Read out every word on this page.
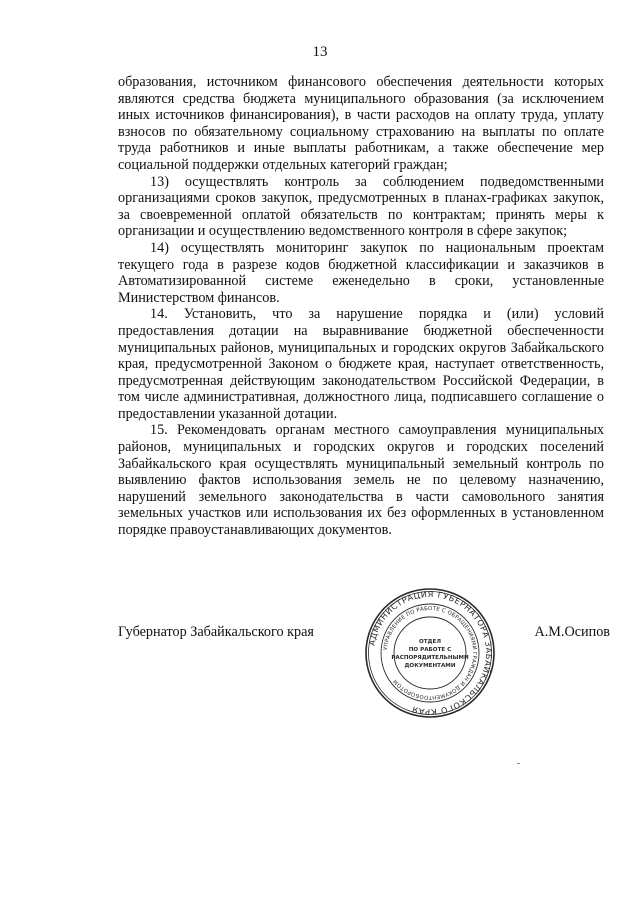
13

образования, источником финансового обеспечения деятельности которых являются средства бюджета муниципального образования (за исключением иных источников финансирования), в части расходов на оплату труда, уплату взносов по обязательному социальному страхованию на выплаты по оплате труда работников и иные выплаты работникам, а также обеспечение мер социальной поддержки отдельных категорий граждан;

13) осуществлять контроль за соблюдением подведомственными организациями сроков закупок, предусмотренных в планах-графиках закупок, за своевременной оплатой обязательств по контрактам; принять меры к организации и осуществлению ведомственного контроля в сфере закупок;

14) осуществлять мониторинг закупок по национальным проектам текущего года в разрезе кодов бюджетной классификации и заказчиков в Автоматизированной системе еженедельно в сроки, установленные Министерством финансов.

14. Установить, что за нарушение порядка и (или) условий предоставления дотации на выравнивание бюджетной обеспеченности муниципальных районов, муниципальных и городских округов Забайкальского края, предусмотренной Законом о бюджете края, наступает ответственность, предусмотренная действующим законодательством Российской Федерации, в том числе административная, должностного лица, подписавшего соглашение о предоставлении указанной дотации.

15. Рекомендовать органам местного самоуправления муниципальных районов, муниципальных и городских округов и городских поселений Забайкальского края осуществлять муниципальный земельный контроль по выявлению фактов использования земель не по целевому назначению, нарушений земельного законодательства в части самовольного занятия земельных участков или использования их без оформленных в установленном порядке правоустанавливающих документов.

Губернатор Забайкальского края	А.М.Осипов
АДМИНИСТРАЦИЯ ГУБЕРНАТОРА ЗАБАЙКАЛЬСКОГО КРАЯ
УПРАВЛЕНИЕ ПО РАБОТЕ С ОБРАЩЕНИЯМИ ГРАЖДАН И ДОКУМЕНТООБОРОТОМ
ОТДЕЛ
ПО РАБОТЕ С
РАСПОРЯДИТЕЛЬНЫМИ
ДОКУМЕНТАМИ
